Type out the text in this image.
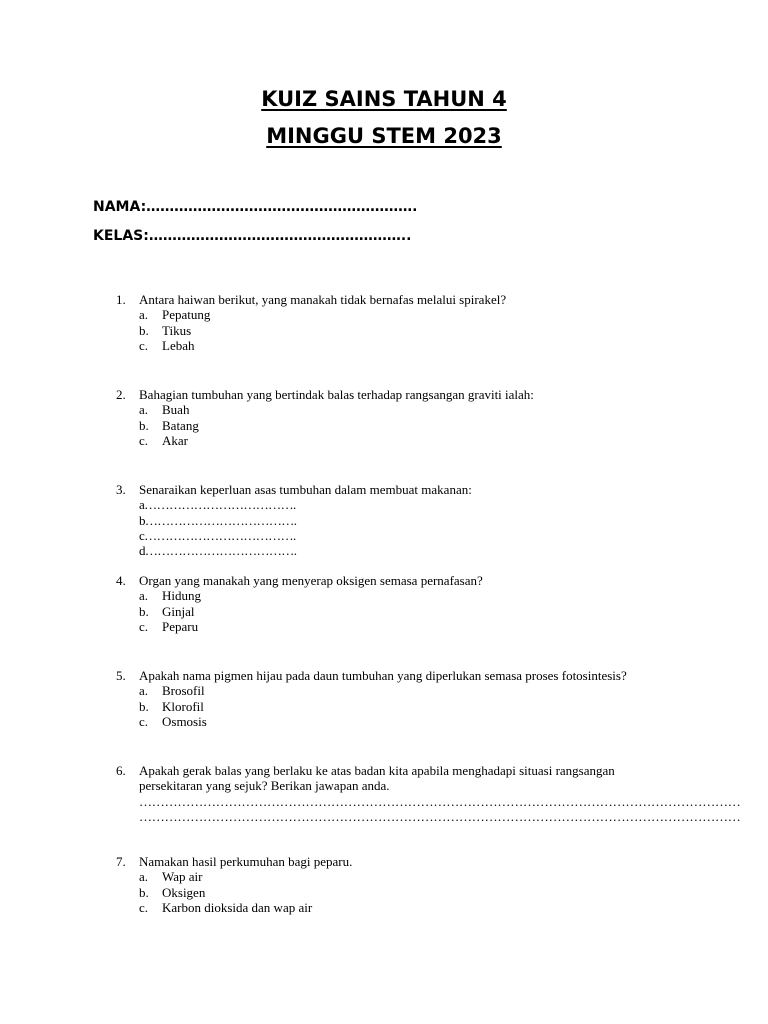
KUIZ SAINS TAHUN 4
MINGGU STEM 2023
NAMA:………………………………………………….
KELAS:………………………………………………..
1. Antara haiwan berikut, yang manakah tidak bernafas melalui spirakel?
a. Pepatung
b. Tikus
c. Lebah
2. Bahagian tumbuhan yang bertindak balas terhadap rangsangan graviti ialah:
a. Buah
b. Batang
c. Akar
3. Senaraikan keperluan asas tumbuhan dalam membuat makanan:
a……………………………….
b……………………………….
c……………………………….
d……………………………….
4. Organ yang manakah yang menyerap oksigen semasa pernafasan?
a. Hidung
b. Ginjal
c. Peparu
5. Apakah nama pigmen hijau pada daun tumbuhan yang diperlukan semasa proses fotosintesis?
a. Brosofil
b. Klorofil
c. Osmosis
6. Apakah gerak balas yang berlaku ke atas badan kita apabila menghadapi situasi rangsangan
persekitaran yang sejuk? Berikan jawapan anda.
……………………………………………………………………………………………………………………………
……………………………………………………………………………………………………………………………
7. Namakan hasil perkumuhan bagi peparu.
a. Wap air
b. Oksigen
c. Karbon dioksida dan wap air
